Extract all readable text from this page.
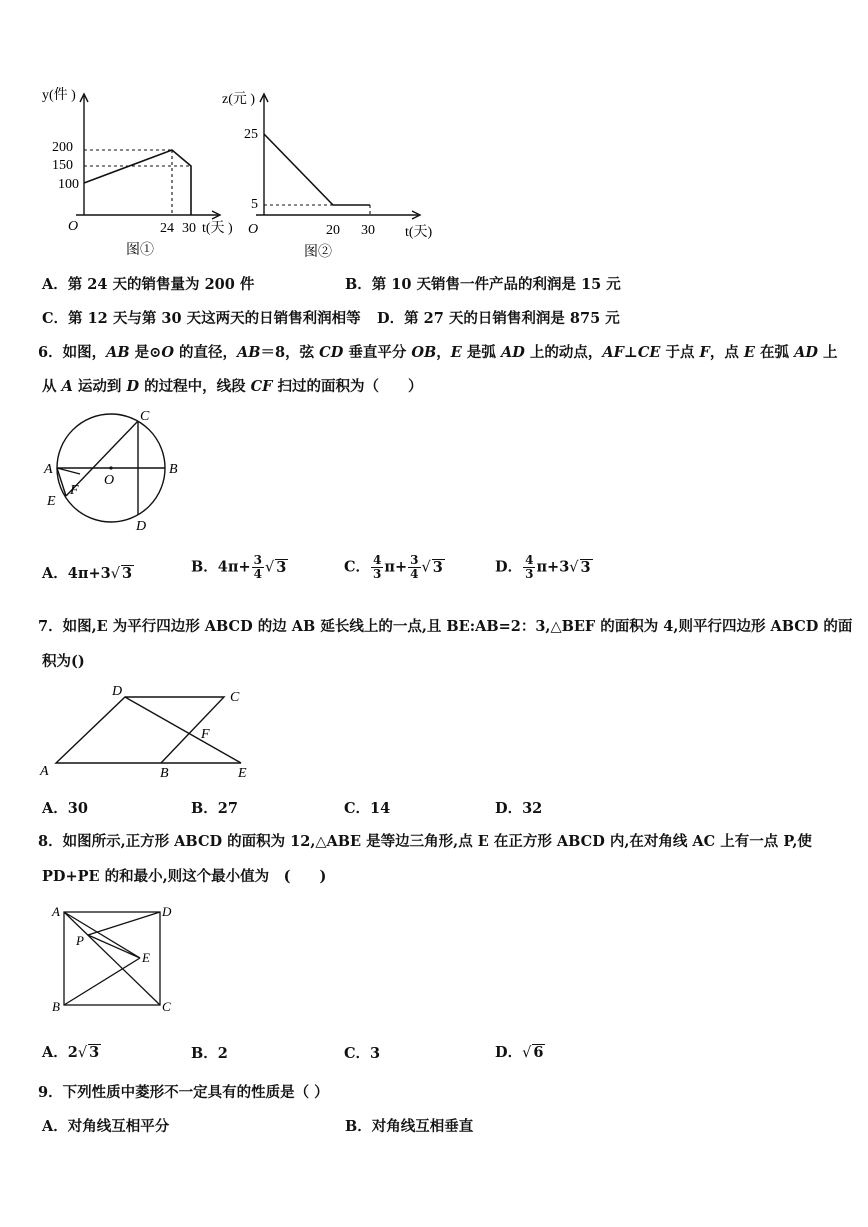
y(件 )
200
150
100
O	24 30 t(天 )
图①
z(元 )
25
5
O	20 30 t(天)
图②
A．第 24 天的销售量为 200 件	B．第 10 天销售一件产品的利润是 15 元
C．第 12 天与第 30 天这两天的日销售利润相等 D．第 27 天的日销售利润是 875 元
6．如图，AB 是⊙O 的直径，AB＝8，弦 CD 垂直平分 OB，E 是弧 AD 上的动点，AF⊥CE 于点 F，点 E 在弧 AD 上
从 A 运动到 D 的过程中，线段 CF 扫过的面积为（　　）
C
A	B
O
F
E
D
A．4π+3√ 3	B．$4\pi+ \frac{3}{4}$ √ 3	C． $\frac{4}{3} \pi+ \frac{3}{4}$ √ 3	D． $\frac{4}{3} \pi+3√$ 3
7．如图,E 为平行四边形 ABCD 的边 AB 延长线上的一点,且 BE:AB=2：3,△BEF 的面积为 4,则平行四边形 ABCD 的面
积为()
D	C
F
A	B	E
A．30	B．27	C．14	D．32
8．如图所示,正方形 ABCD 的面积为 12,△ABE 是等边三角形,点 E 在正方形 ABCD 内,在对角线 AC 上有一点 P,使
PD+PE 的和最小,则这个最小值为　(　　)
A	D
P
E
B	C
A．2√ 3	B．2	C．3	D．√ 6
9．下列性质中菱形不一定具有的性质是（ ）
A．对角线互相平分	B．对角线互相垂直
